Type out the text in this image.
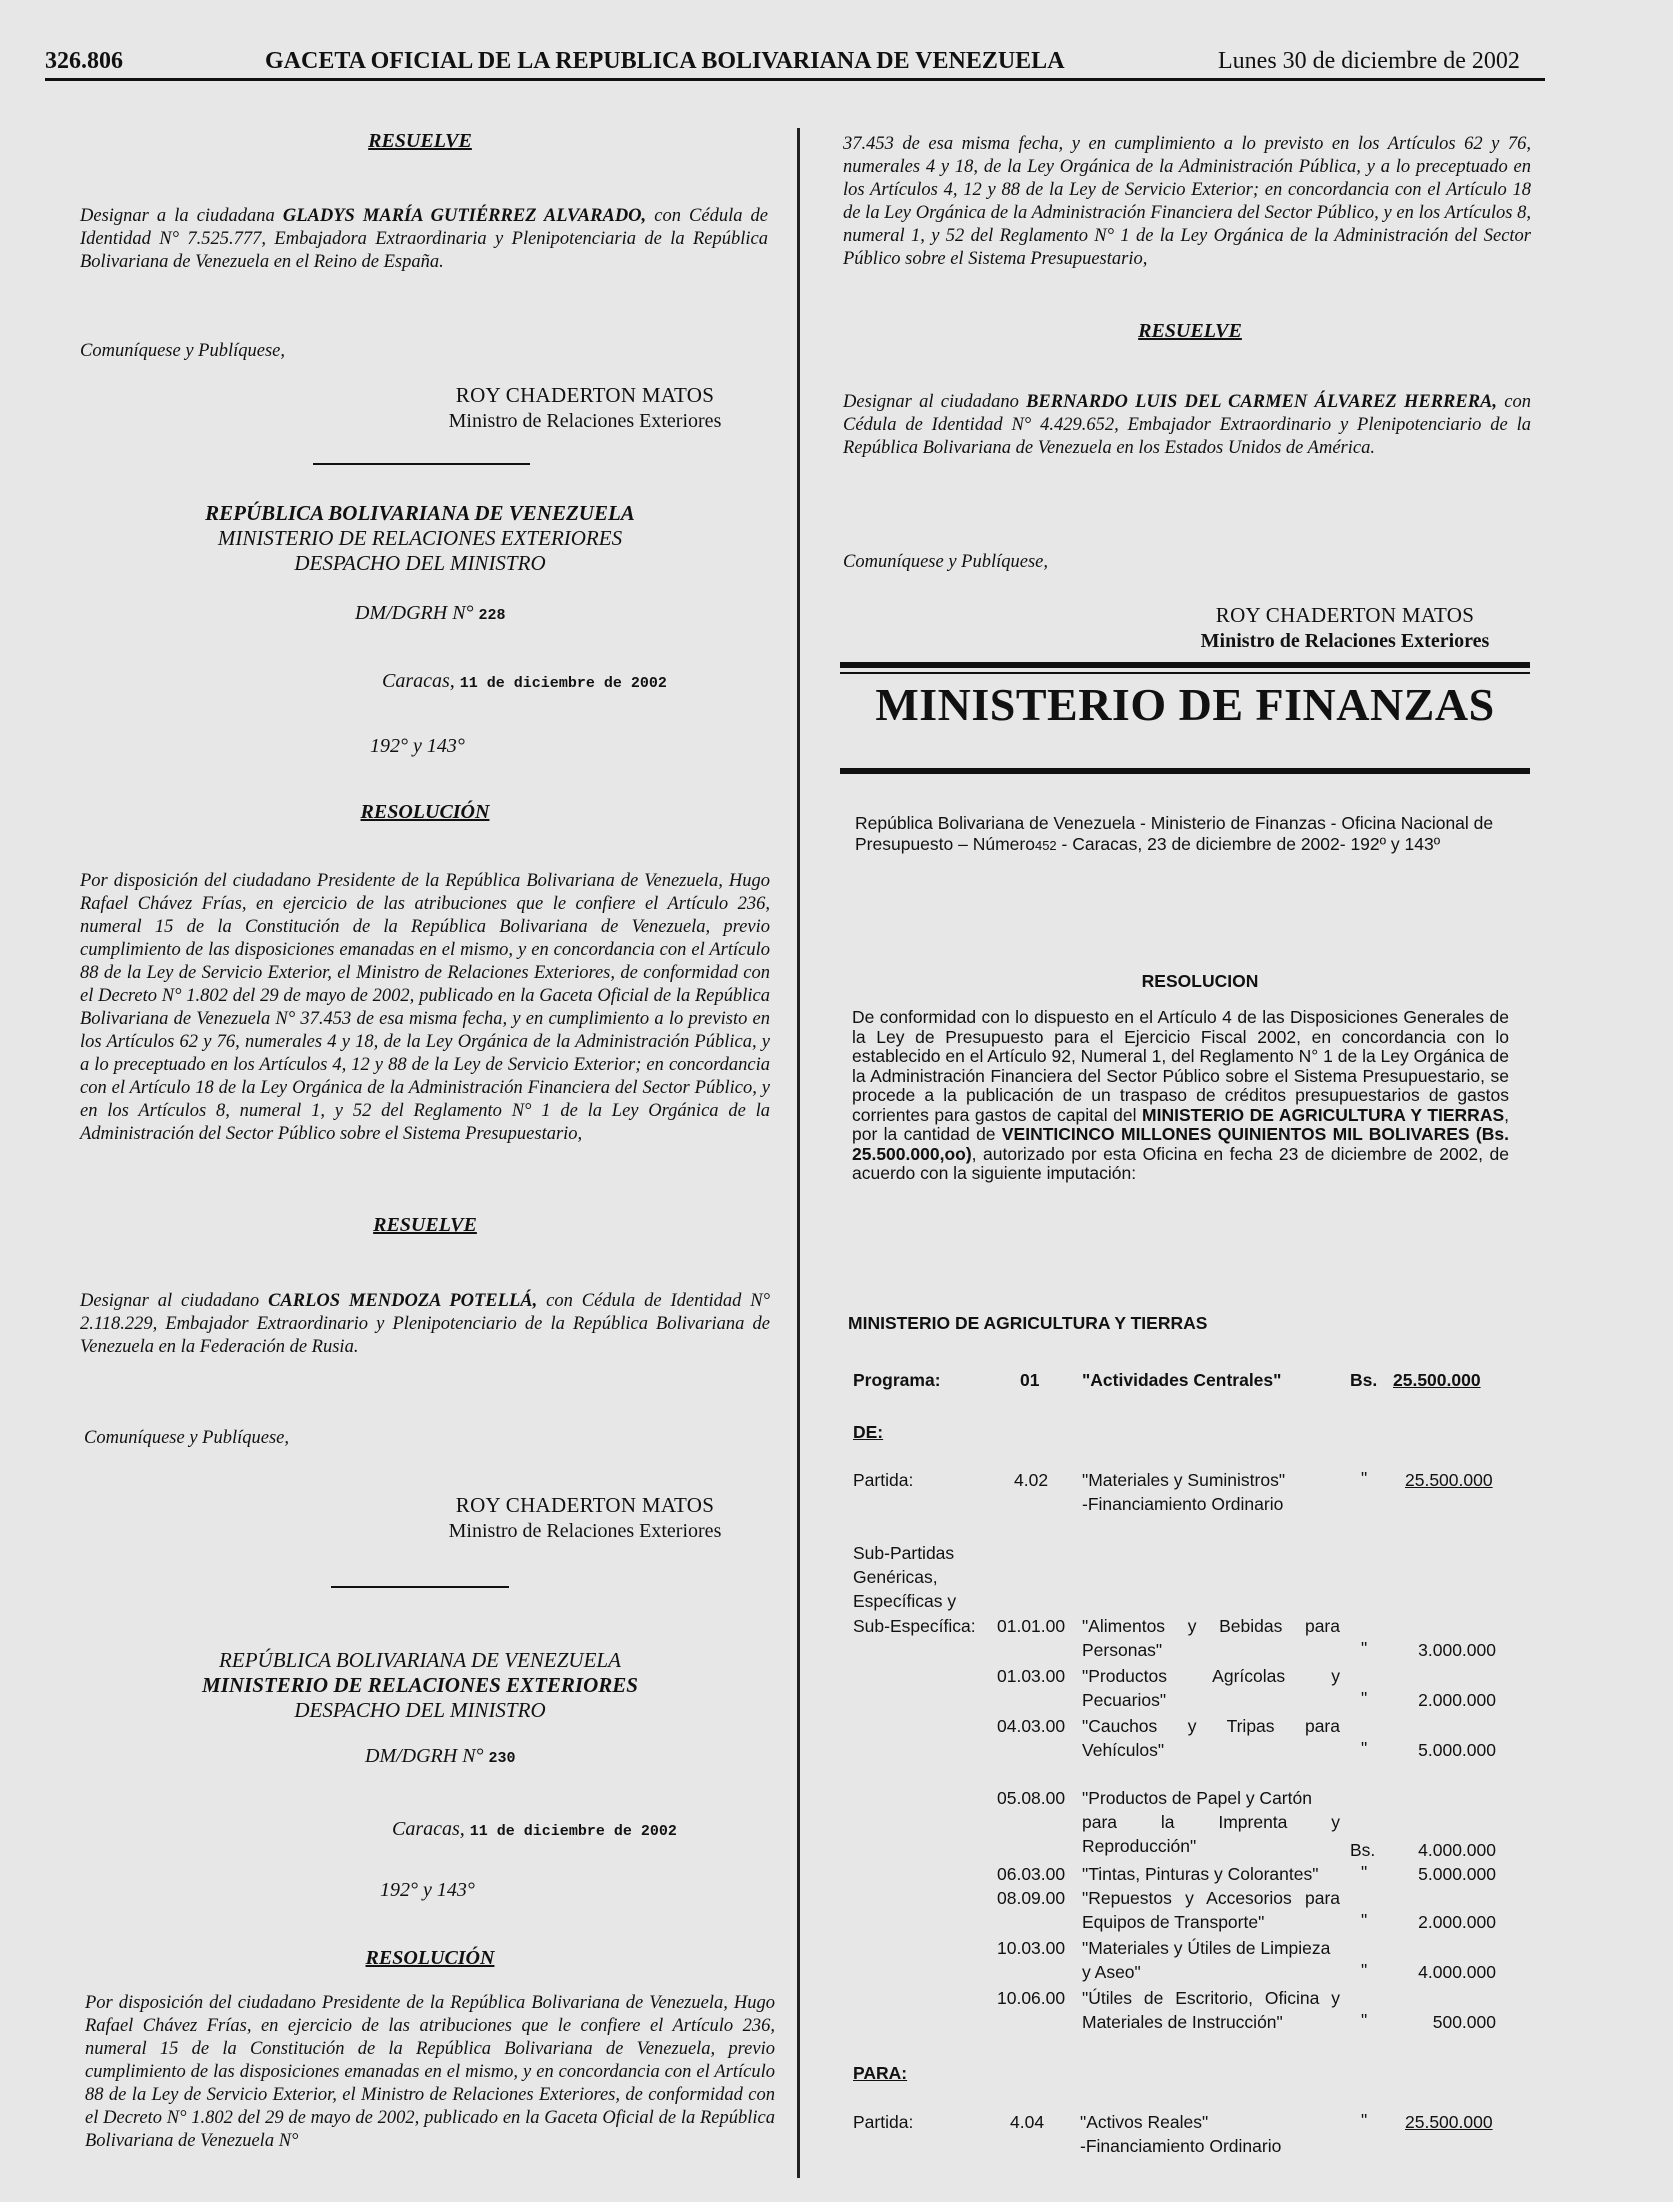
326.806	GACETA OFICIAL DE LA REPUBLICA BOLIVARIANA DE VENEZUELA	Lunes 30 de diciembre de 2002
RESUELVE
Designar a la ciudadana GLADYS MARÍA GUTIÉRREZ ALVARADO, con Cédula de Identidad N° 7.525.777, Embajadora Extraordinaria y Plenipotenciaria de la República Bolivariana de Venezuela en el Reino de España.
Comuníquese y Publíquese,
ROY CHADERTON MATOS
Ministro de Relaciones Exteriores
REPÚBLICA BOLIVARIANA DE VENEZUELA
MINISTERIO DE RELACIONES EXTERIORES
DESPACHO DEL MINISTRO
DM/DGRH N° 228
Caracas, 11 de diciembre de 2002
192° y 143°
RESOLUCIÓN
Por disposición del ciudadano Presidente de la República Bolivariana de Venezuela, Hugo Rafael Chávez Frías, en ejercicio de las atribuciones que le confiere el Artículo 236, numeral 15 de la Constitución de la República Bolivariana de Venezuela, previo cumplimiento de las disposiciones emanadas en el mismo, y en concordancia con el Artículo 88 de la Ley de Servicio Exterior, el Ministro de Relaciones Exteriores, de conformidad con el Decreto N° 1.802 del 29 de mayo de 2002, publicado en la Gaceta Oficial de la República Bolivariana de Venezuela N° 37.453 de esa misma fecha, y en cumplimiento a lo previsto en los Artículos 62 y 76, numerales 4 y 18, de la Ley Orgánica de la Administración Pública, y a lo preceptuado en los Artículos 4, 12 y 88 de la Ley de Servicio Exterior; en concordancia con el Artículo 18 de la Ley Orgánica de la Administración Financiera del Sector Público, y en los Artículos 8, numeral 1, y 52 del Reglamento N° 1 de la Ley Orgánica de la Administración del Sector Público sobre el Sistema Presupuestario,
RESUELVE
Designar al ciudadano CARLOS MENDOZA POTELLÁ, con Cédula de Identidad N° 2.118.229, Embajador Extraordinario y Plenipotenciario de la República Bolivariana de Venezuela en la Federación de Rusia.
Comuníquese y Publíquese,
ROY CHADERTON MATOS
Ministro de Relaciones Exteriores
REPÚBLICA BOLIVARIANA DE VENEZUELA
MINISTERIO DE RELACIONES EXTERIORES
DESPACHO DEL MINISTRO
DM/DGRH N° 230
Caracas, 11 de diciembre de 2002
192° y 143°
RESOLUCIÓN
Por disposición del ciudadano Presidente de la República Bolivariana de Venezuela, Hugo Rafael Chávez Frías, en ejercicio de las atribuciones que le confiere el Artículo 236, numeral 15 de la Constitución de la República Bolivariana de Venezuela, previo cumplimiento de las disposiciones emanadas en el mismo, y en concordancia con el Artículo 88 de la Ley de Servicio Exterior, el Ministro de Relaciones Exteriores, de conformidad con el Decreto N° 1.802 del 29 de mayo de 2002, publicado en la Gaceta Oficial de la República Bolivariana de Venezuela N°
37.453 de esa misma fecha, y en cumplimiento a lo previsto en los Artículos 62 y 76, numerales 4 y 18, de la Ley Orgánica de la Administración Pública, y a lo preceptuado en los Artículos 4, 12 y 88 de la Ley de Servicio Exterior; en concordancia con el Artículo 18 de la Ley Orgánica de la Administración Financiera del Sector Público, y en los Artículos 8, numeral 1, y 52 del Reglamento N° 1 de la Ley Orgánica de la Administración del Sector Público sobre el Sistema Presupuestario,
RESUELVE
Designar al ciudadano BERNARDO LUIS DEL CARMEN ÁLVAREZ HERRERA, con Cédula de Identidad N° 4.429.652, Embajador Extraordinario y Plenipotenciario de la República Bolivariana de Venezuela en los Estados Unidos de América.
Comuníquese y Publíquese,
ROY CHADERTON MATOS
Ministro de Relaciones Exteriores
MINISTERIO DE FINANZAS
República Bolivariana de Venezuela - Ministerio de Finanzas - Oficina Nacional de Presupuesto – Número452 - Caracas, 23 de diciembre de 2002- 192º y 143º
RESOLUCION
De conformidad con lo dispuesto en el Artículo 4 de las Disposiciones Generales de la Ley de Presupuesto para el Ejercicio Fiscal 2002, en concordancia con lo establecido en el Artículo 92, Numeral 1, del Reglamento N° 1 de la Ley Orgánica de la Administración Financiera del Sector Público sobre el Sistema Presupuestario, se procede a la publicación de un traspaso de créditos presupuestarios de gastos corrientes para gastos de capital del MINISTERIO DE AGRICULTURA Y TIERRAS, por la cantidad de VEINTICINCO MILLONES QUINIENTOS MIL BOLIVARES (Bs. 25.500.000,oo), autorizado por esta Oficina en fecha 23 de diciembre de 2002, de acuerdo con la siguiente imputación:
MINISTERIO DE AGRICULTURA Y TIERRAS
Programa:	01 "Actividades Centrales"	Bs. 25.500.000
DE:
Partida:	4.02 "Materiales y Suministros"
-Financiamiento Ordinario
" 25.500.000
Sub-Partidas
Genéricas,
Específicas y
Sub-Específica: 01.01.00 "Alimentos y Bebidas para
Personas"	"	3.000.000
01.03.00 "Productos Agrícolas y
Pecuarios"	"	2.000.000
04.03.00 "Cauchos y Tripas para
Vehículos"	"	5.000.000
05.08.00 "Productos de Papel y Cartón
para la Imprenta y
Reproducción"	Bs.	4.000.000
06.03.00 "Tintas, Pinturas y Colorantes" "	5.000.000
08.09.00 "Repuestos y Accesorios para
Equipos de Transporte"	"	2.000.000
10.03.00 "Materiales y Útiles de Limpieza
y Aseo"	"	4.000.000
10.06.00 "Útiles de Escritorio, Oficina y
Materiales de Instrucción"	"	500.000
PARA:
Partida:	4.04 "Activos Reales"
-Financiamiento Ordinario
" 25.500.000
